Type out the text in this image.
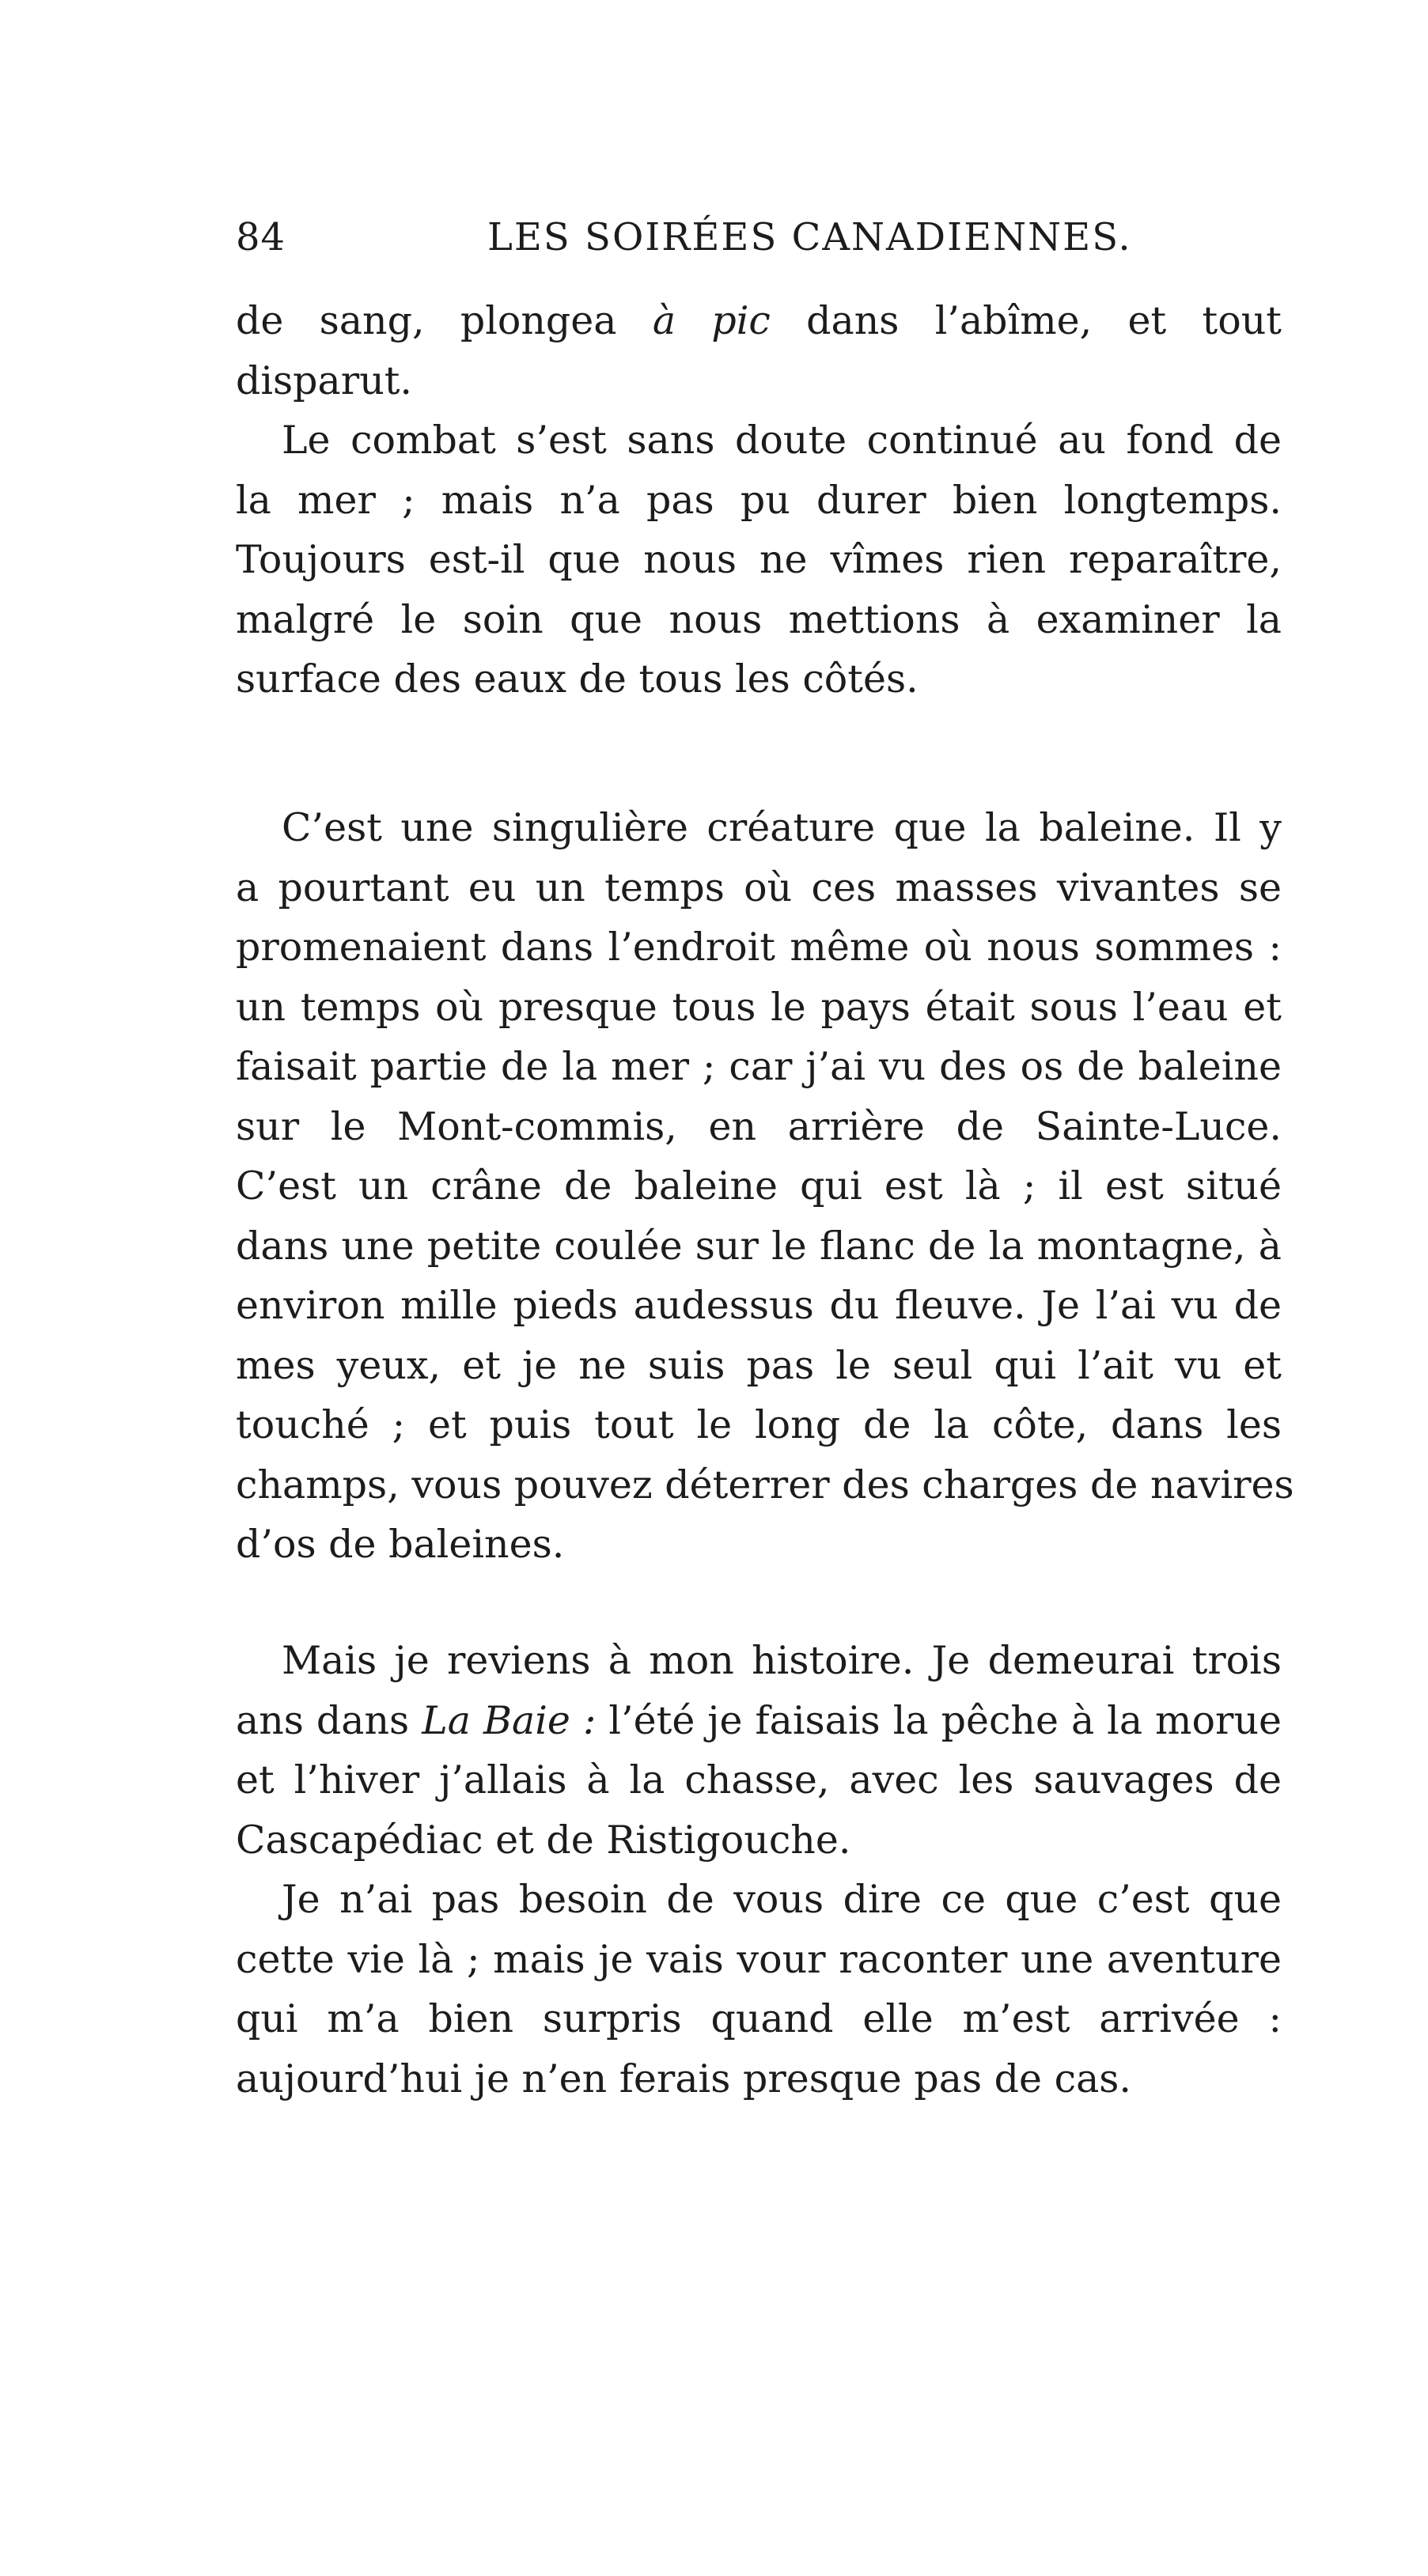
84	LES SOIRÉES CANADIENNES.
de sang, plongea à pic dans l’abîme, et tout
disparut.
Le combat s’est sans doute continué au fond de
la mer ; mais n’a pas pu durer bien longtemps.
Toujours est-il que nous ne vîmes rien reparaître,
malgré le soin que nous mettions à examiner la
surface des eaux de tous les côtés.
C’est une singulière créature que la baleine. Il y
a pourtant eu un temps où ces masses vivantes se
promenaient dans l’endroit même où nous sommes :
un temps où presque tous le pays était sous l’eau et
faisait partie de la mer ; car j’ai vu des os de baleine
sur le Mont-commis, en arrière de Sainte-Luce.
C’est un crâne de baleine qui est là ; il est situé
dans une petite coulée sur le flanc de la montagne, à
environ mille pieds audessus du fleuve. Je l’ai vu de
mes yeux, et je ne suis pas le seul qui l’ait vu et
touché ; et puis tout le long de la côte, dans les
champs, vous pouvez déterrer des charges de navires
d’os de baleines.
Mais je reviens à mon histoire. Je demeurai trois
ans dans La Baie : l’été je faisais la pêche à la morue
et l’hiver j’allais à la chasse, avec les sauvages de
Cascapédiac et de Ristigouche.
Je n’ai pas besoin de vous dire ce que c’est que
cette vie là ; mais je vais vour raconter une aventure
qui m’a bien surpris quand elle m’est arrivée :
aujourd’hui je n’en ferais presque pas de cas.
